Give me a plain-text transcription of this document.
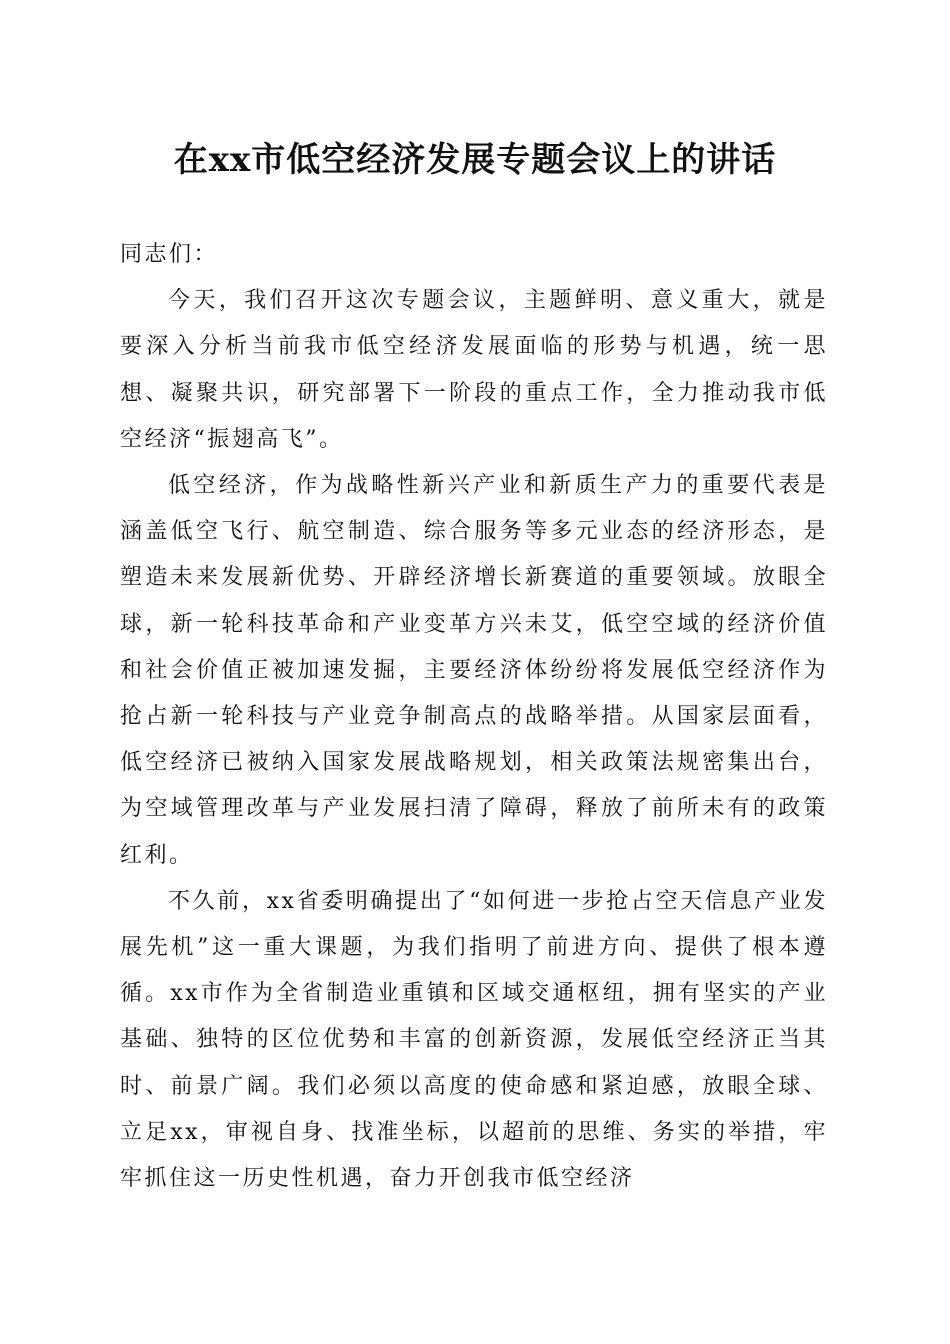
在xx市低空经济发展专题会议上的讲话

同志们：

今天，我们召开这次专题会议，主题鲜明、意义重大，就是要深入分析当前我市低空经济发展面临的形势与机遇，统一思想、凝聚共识，研究部署下一阶段的重点工作，全力推动我市低空经济“振翅高飞”。

低空经济，作为战略性新兴产业和新质生产力的重要代表是涵盖低空飞行、航空制造、综合服务等多元业态的经济形态，是塑造未来发展新优势、开辟经济增长新赛道的重要领域。放眼全球，新一轮科技革命和产业变革方兴未艾，低空空域的经济价值和社会价值正被加速发掘，主要经济体纷纷将发展低空经济作为抢占新一轮科技与产业竞争制高点的战略举措。从国家层面看，低空经济已被纳入国家发展战略规划，相关政策法规密集出台，为空域管理改革与产业发展扫清了障碍，释放了前所未有的政策红利。

不久前，xx省委明确提出了“如何进一步抢占空天信息产业发展先机”这一重大课题，为我们指明了前进方向、提供了根本遵循。xx市作为全省制造业重镇和区域交通枢纽，拥有坚实的产业基础、独特的区位优势和丰富的创新资源，发展低空经济正当其时、前景广阔。我们必须以高度的使命感和紧迫感，放眼全球、立足xx，审视自身、找准坐标，以超前的思维、务实的举措，牢牢抓住这一历史性机遇，奋力开创我市低空经济
